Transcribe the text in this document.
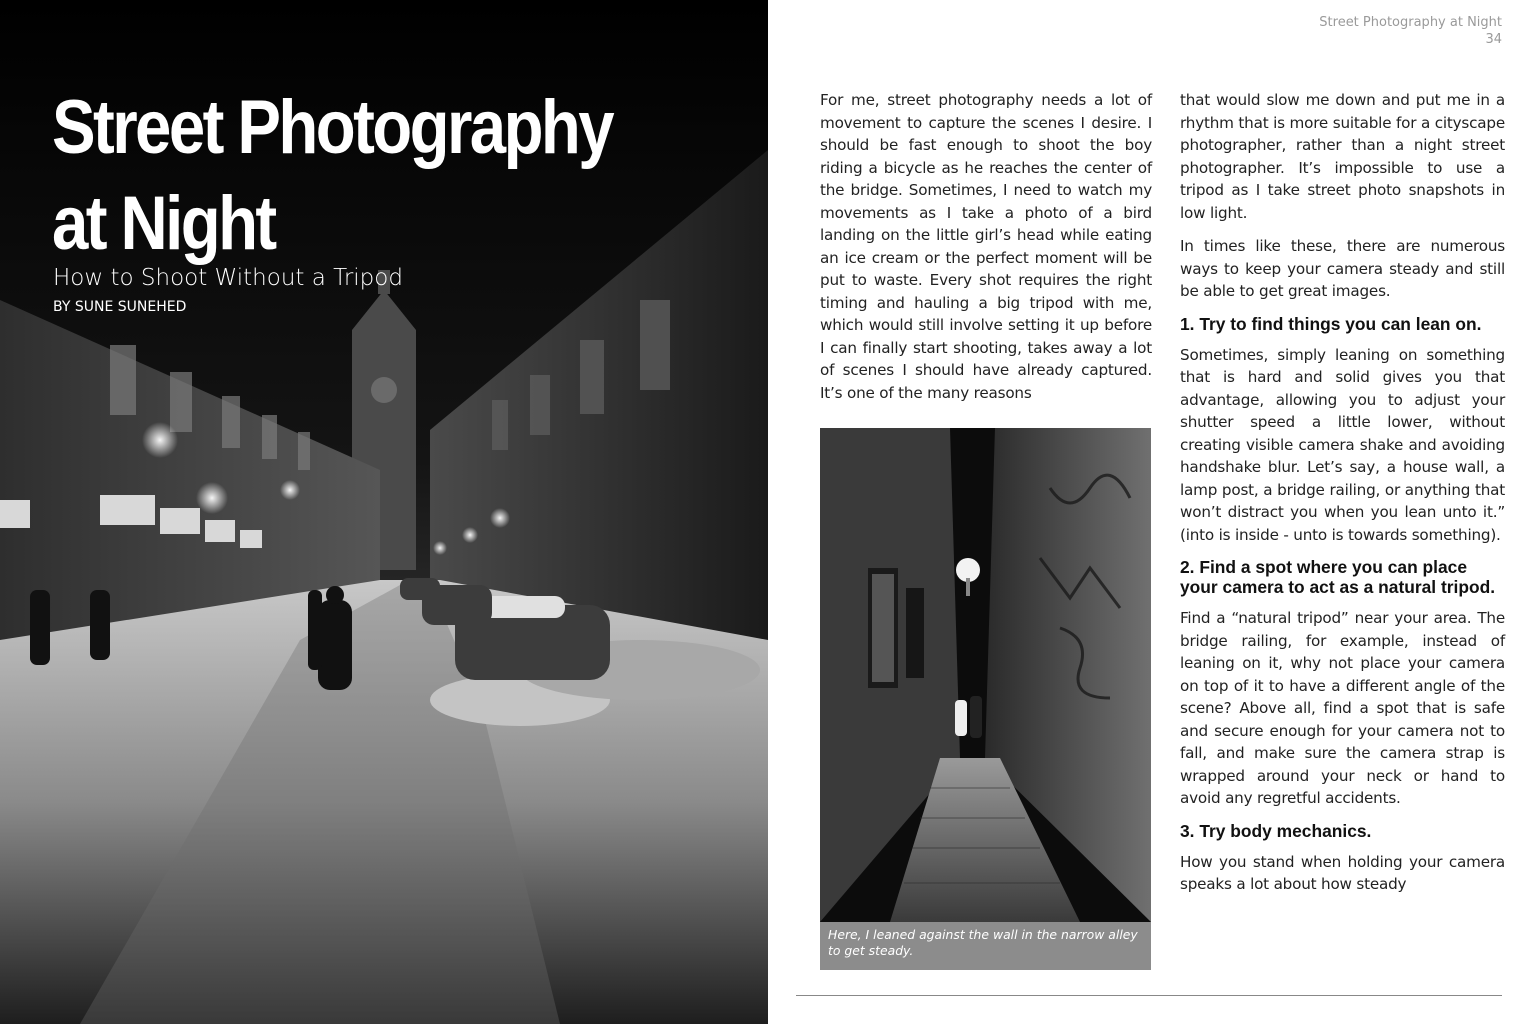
Street Photography
at Night

How to Shoot Without a Tripod

BY SUNE SUNEHED

Street Photography at Night
34

For me, street photography needs a lot of movement to capture the scenes I desire. I should be fast enough to shoot the boy riding a bicycle as he reaches the center of the bridge. Sometimes, I need to watch my movements as I take a photo of a bird landing on the little girl’s head while eating an ice cream or the perfect moment will be put to waste. Every shot requires the right timing and hauling a big tripod with me, which would still involve setting it up before I can finally start shooting, takes away a lot of scenes I should have already captured. It’s one of the many reasons

Here, I leaned against the wall in the narrow alley to get steady.

that would slow me down and put me in a rhythm that is more suitable for a cityscape photographer, rather than a night street photographer. It’s impossible to use a tripod as I take street photo snapshots in low light.

In times like these, there are numerous ways to keep your camera steady and still be able to get great images.

1. Try to find things you can lean on.

Sometimes, simply leaning on something that is hard and solid gives you that advantage, allowing you to adjust your shutter speed a little lower, without creating visible camera shake and avoiding handshake blur. Let’s say, a house wall, a lamp post, a bridge railing, or anything that won’t distract you when you lean unto it.” (into is inside - unto is towards something).

2. Find a spot where you can place your camera to act as a natural tripod.

Find a “natural tripod” near your area. The bridge railing, for example, instead of leaning on it, why not place your camera on top of it to have a different angle of the scene? Above all, find a spot that is safe and secure enough for your camera not to fall, and make sure the camera strap is wrapped around your neck or hand to avoid any regretful accidents.

3. Try body mechanics.

How you stand when holding your camera speaks a lot about how steady
